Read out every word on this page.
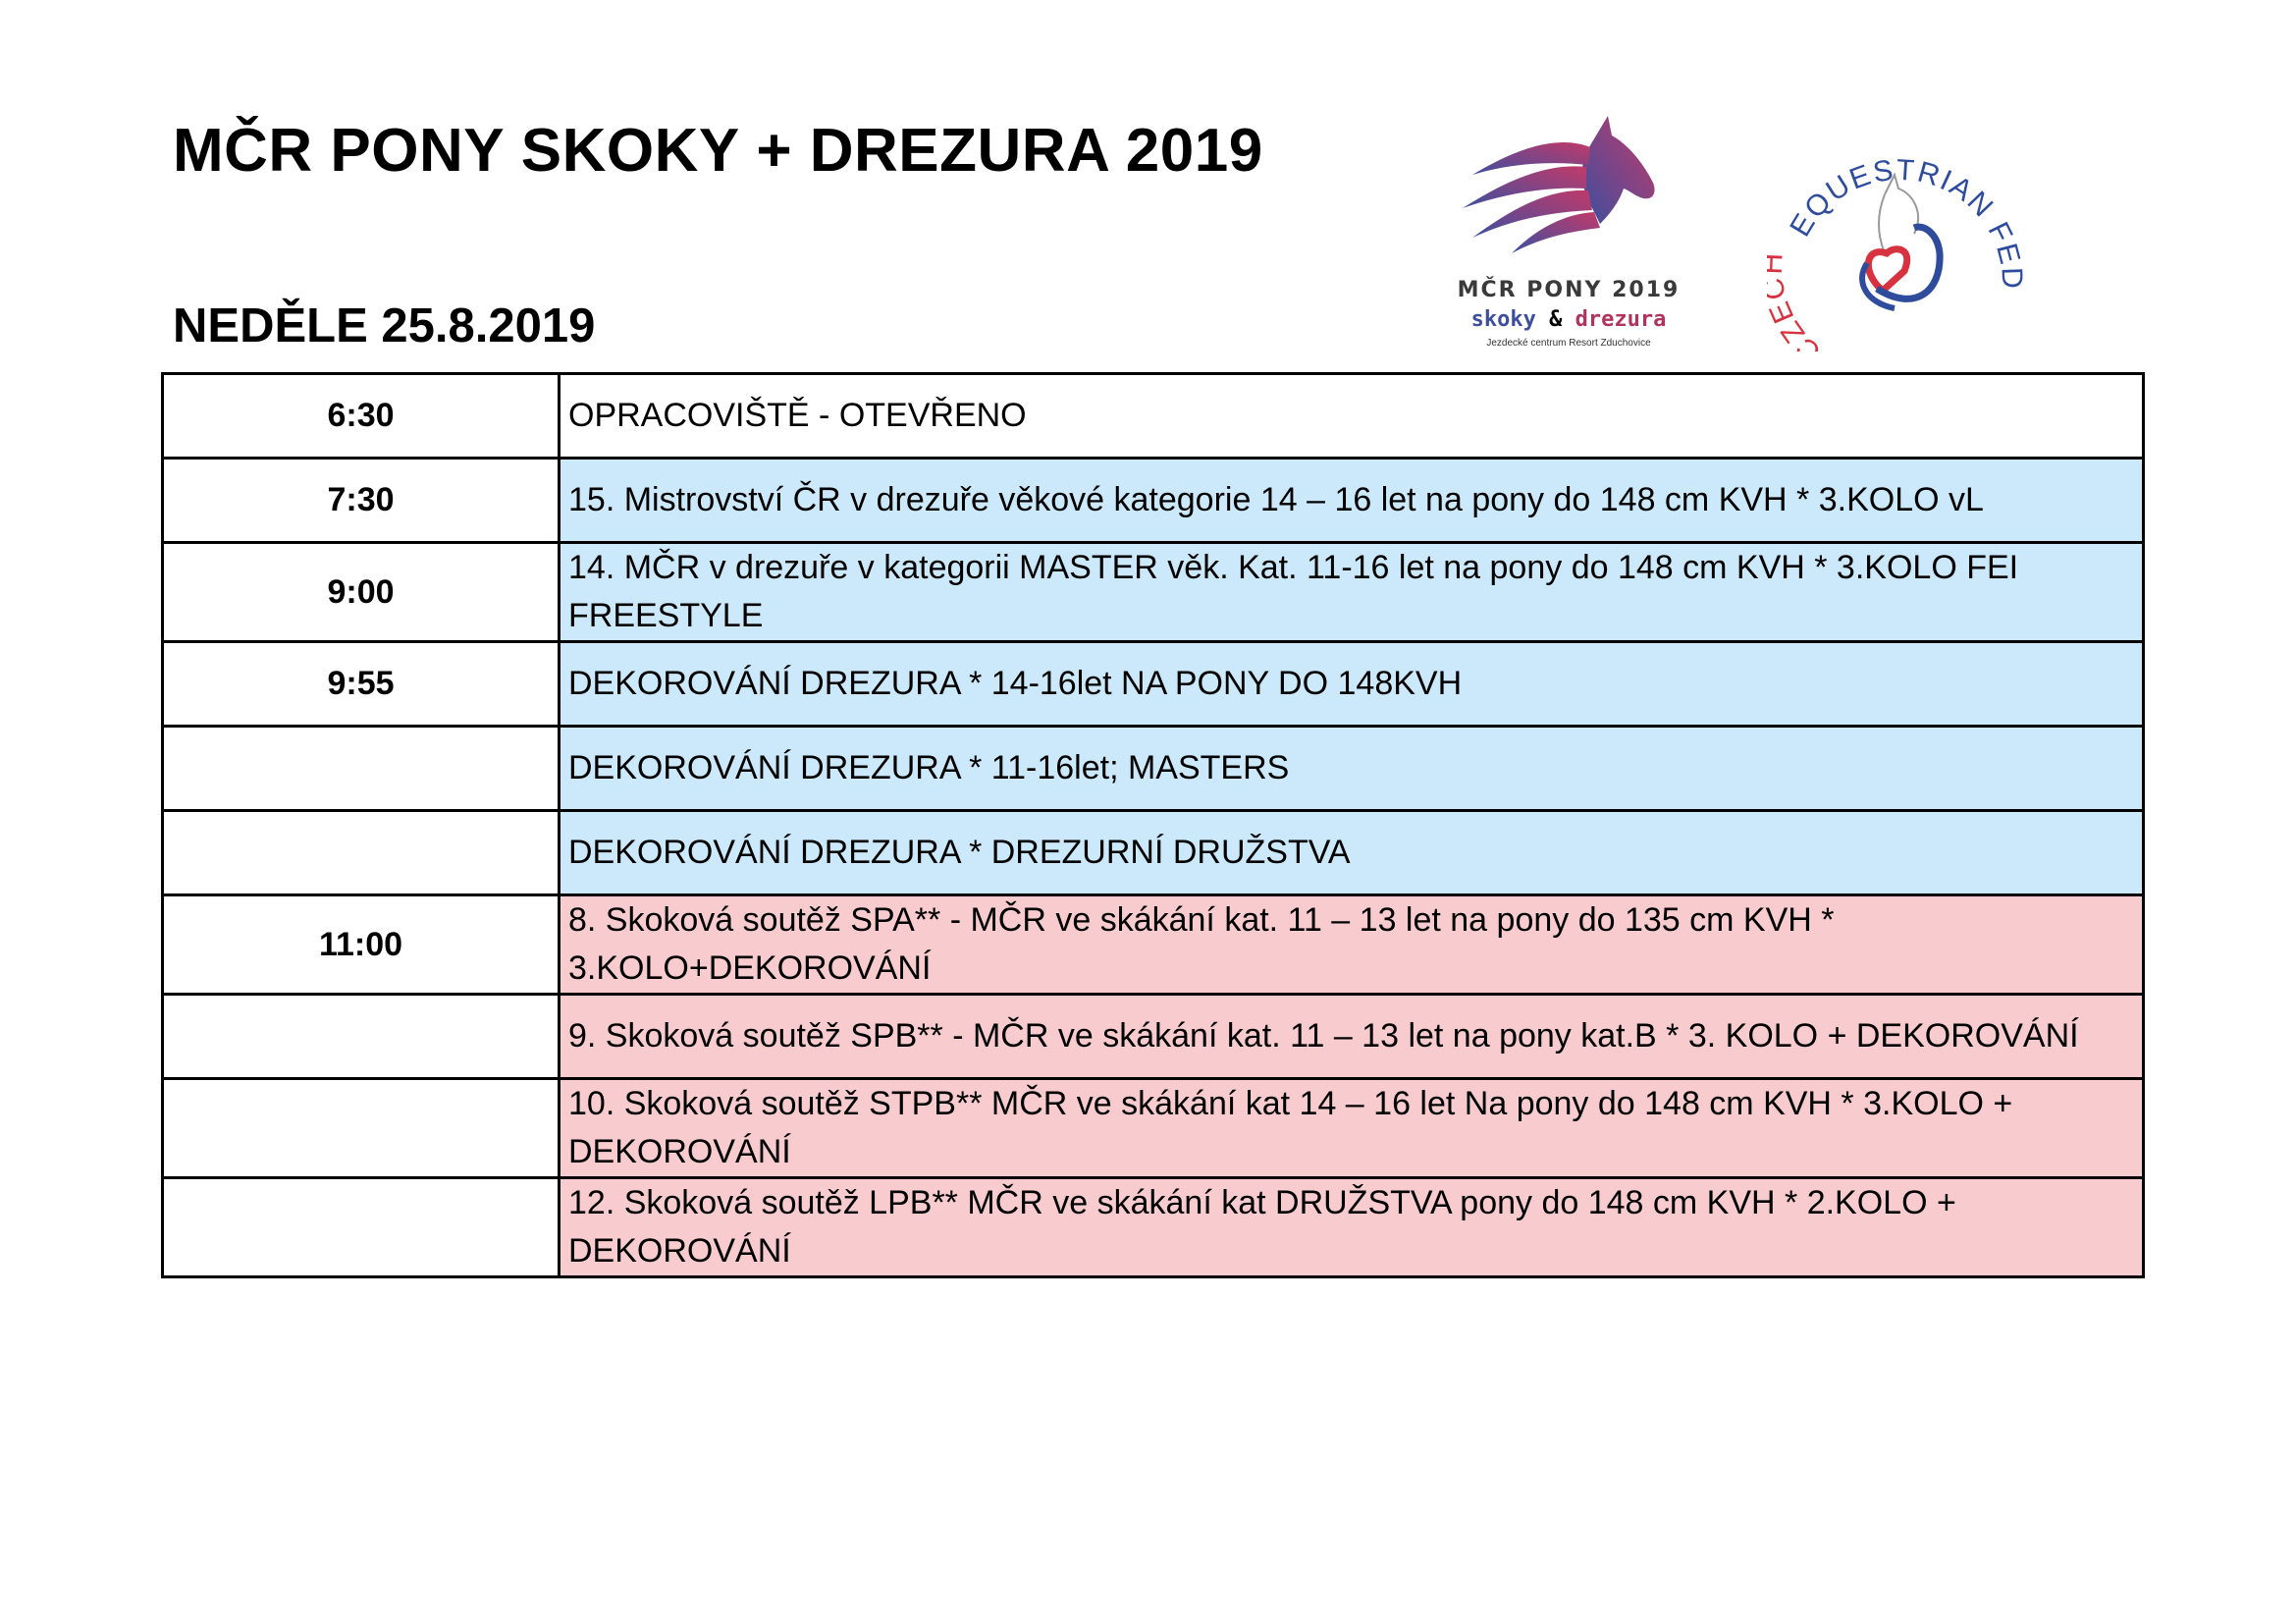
MČR PONY SKOKY + DREZURA 2019
NEDĚLE 25.8.2019
MČR PONY 2019
skoky & drezura
Jezdecké centrum Resort Zduchovice
EQUESTRIAN FED
CZ
6:30	OPRACOVIŠTĚ - OTEVŘENO
7:30	15. Mistrovství ČR v drezuře věkové kategorie 14 – 16 let na pony do 148 cm KVH * 3.KOLO vL
9:00	14. MČR v drezuře v kategorii MASTER věk. Kat. 11-16 let na pony do 148 cm KVH * 3.KOLO FEI FREESTYLE
9:55	DEKOROVÁNÍ DREZURA * 14-16let NA PONY DO 148KVH
	DEKOROVÁNÍ DREZURA * 11-16let; MASTERS
	DEKOROVÁNÍ DREZURA * DREZURNÍ DRUŽSTVA
11:00	8. Skoková soutěž SPA** - MČR ve skákání kat. 11 – 13 let na pony do 135 cm KVH * 3.KOLO+DEKOROVÁNÍ
	9. Skoková soutěž SPB** - MČR ve skákání kat. 11 – 13 let na pony kat.B * 3. KOLO + DEKOROVÁNÍ
	10. Skoková soutěž STPB** MČR ve skákání kat 14 – 16 let Na pony do 148 cm KVH * 3.KOLO + DEKOROVÁNÍ
	12. Skoková soutěž LPB** MČR ve skákání kat DRUŽSTVA pony do 148 cm KVH * 2.KOLO + DEKOROVÁNÍ
